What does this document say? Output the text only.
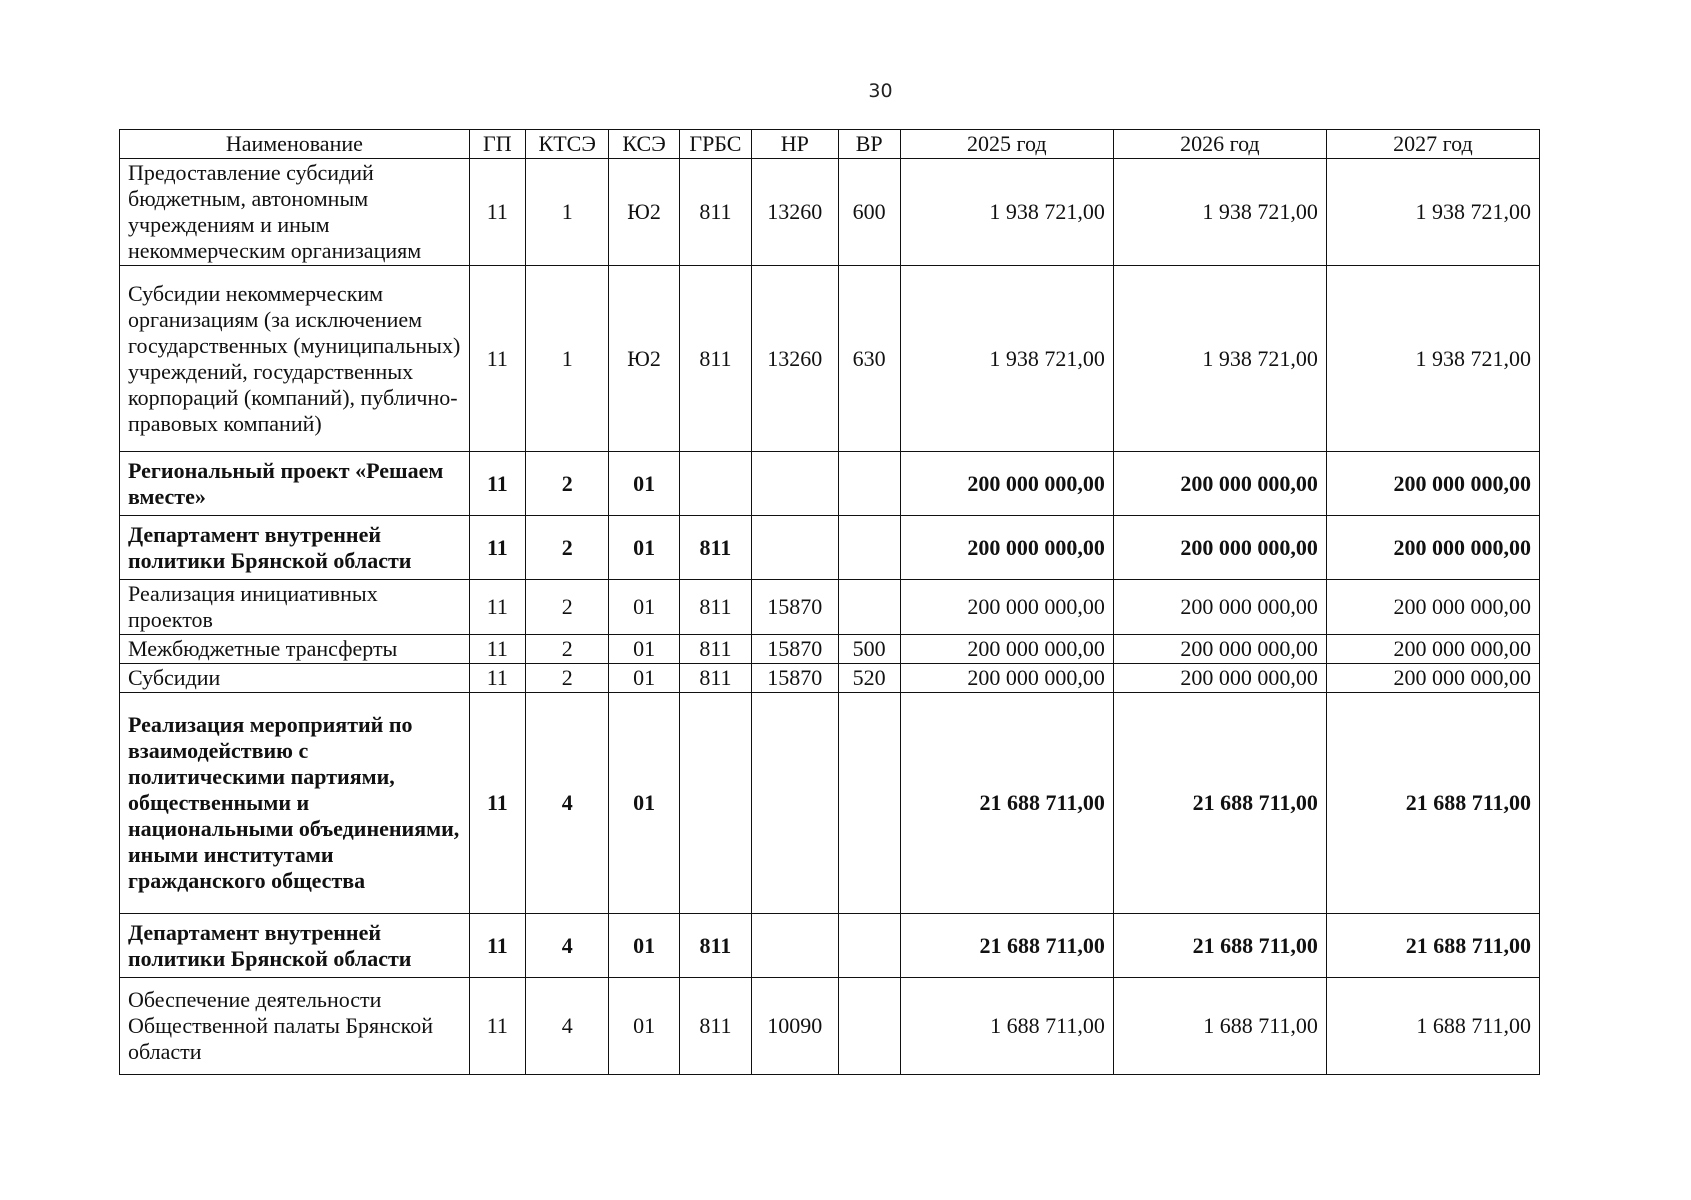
30
Наименование	ГП	КТСЭ	КСЭ	ГРБС	НР	ВР	2025 год	2026 год	2027 год
Предоставление субсидий бюджетным, автономным учреждениям и иным некоммерческим организациям	11	1	Ю2	811	13260	600	1 938 721,00	1 938 721,00	1 938 721,00
Субсидии некоммерческим организациям (за исключением государственных (муниципальных) учреждений, государственных корпораций (компаний), публично-правовых компаний)	11	1	Ю2	811	13260	630	1 938 721,00	1 938 721,00	1 938 721,00
Региональный проект «Решаем вместе»	11	2	01				200 000 000,00	200 000 000,00	200 000 000,00
Департамент внутренней политики Брянской области	11	2	01	811			200 000 000,00	200 000 000,00	200 000 000,00
Реализация инициативных проектов	11	2	01	811	15870		200 000 000,00	200 000 000,00	200 000 000,00
Межбюджетные трансферты	11	2	01	811	15870	500	200 000 000,00	200 000 000,00	200 000 000,00
Субсидии	11	2	01	811	15870	520	200 000 000,00	200 000 000,00	200 000 000,00
Реализация мероприятий по взаимодействию с политическими партиями, общественными и национальными объединениями, иными институтами гражданского общества	11	4	01				21 688 711,00	21 688 711,00	21 688 711,00
Департамент внутренней политики Брянской области	11	4	01	811			21 688 711,00	21 688 711,00	21 688 711,00
Обеспечение деятельности Общественной палаты Брянской области	11	4	01	811	10090		1 688 711,00	1 688 711,00	1 688 711,00
